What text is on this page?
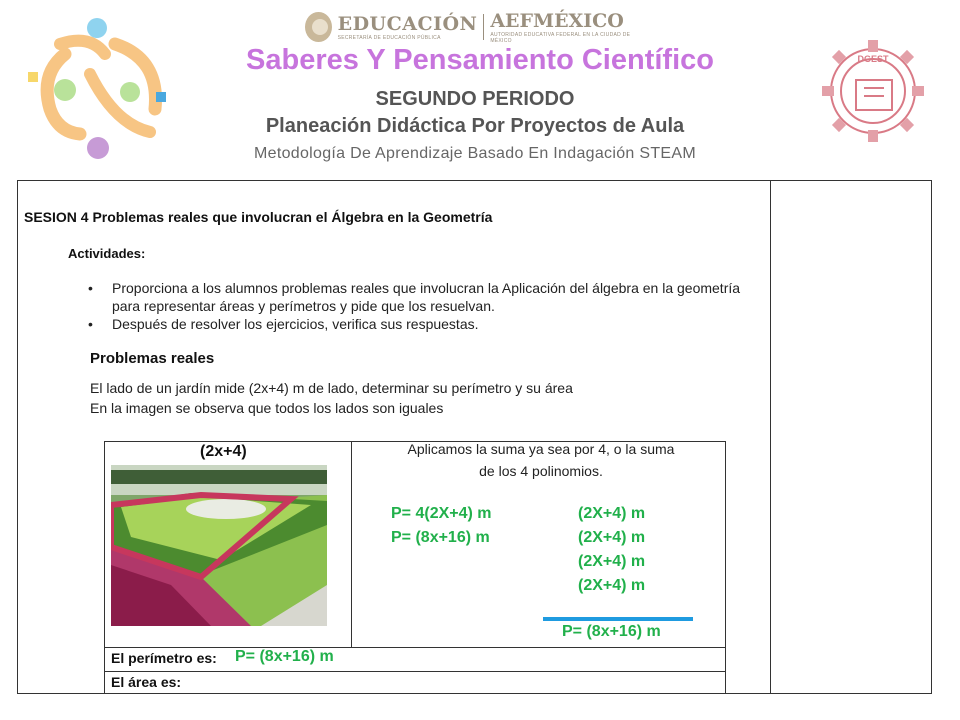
DGEST
EDUCACIÓN
SECRETARÍA DE EDUCACIÓN PÚBLICA
AEFMÉXICO
AUTORIDAD EDUCATIVA FEDERAL EN LA CIUDAD DE MÉXICO
Saberes Y Pensamiento Científico
SEGUNDO PERIODO
Planeación Didáctica Por Proyectos de Aula
Metodología De Aprendizaje Basado En Indagación STEAM
SESION 4 Problemas reales que involucran el Álgebra en la Geometría
Actividades:
• Proporciona a los alumnos problemas reales que involucran la Aplicación del álgebra en la geometría para representar áreas y perímetros y pide que los resuelvan.
• Después de resolver los ejercicios, verifica sus respuestas.
Problemas reales
El lado de un jardín mide (2x+4) m de lado, determinar su perímetro y su área
En la imagen se observa que todos los lados son iguales
(2x+4)	Aplicamos la suma ya sea por 4, o la suma
de los 4 polinomios.
P= 4(2X+4) m
P= (8x+16) m
(2X+4) m
(2X+4) m
(2X+4) m
(2X+4) m
P= (8x+16) m
El perímetro es: P= (8x+16) m
El área es:
